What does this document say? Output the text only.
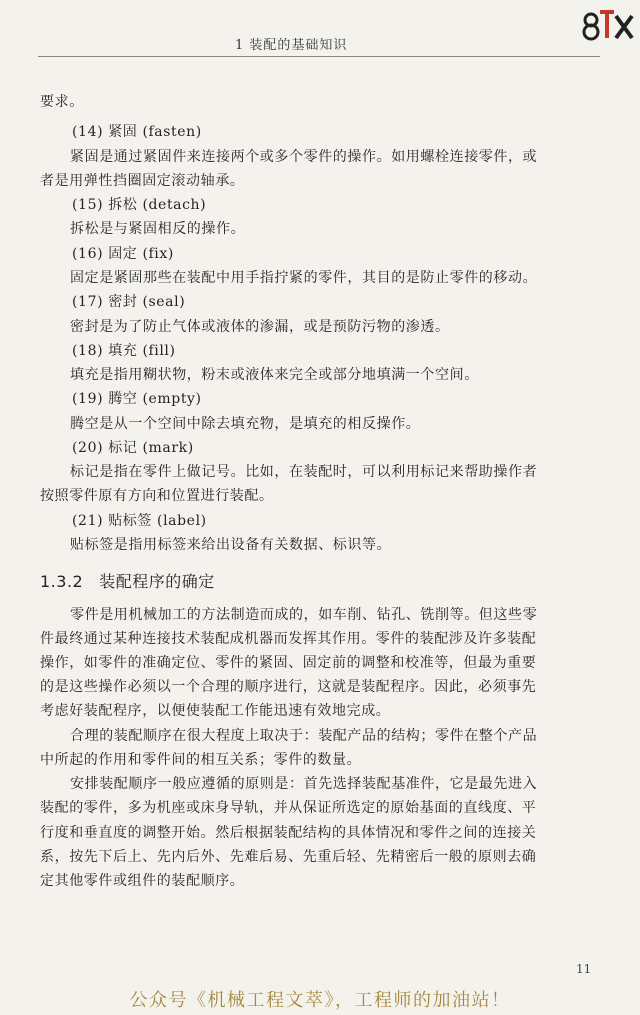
1 装配的基础知识
要求。
(14) 紧固 (fasten)
紧固是通过紧固件来连接两个或多个零件的操作。如用螺栓连接零件，或
者是用弹性挡圈固定滚动轴承。
(15) 拆松 (detach)
拆松是与紧固相反的操作。
(16) 固定 (fix)
固定是紧固那些在装配中用手指拧紧的零件，其目的是防止零件的移动。
(17) 密封 (seal)
密封是为了防止气体或液体的渗漏，或是预防污物的渗透。
(18) 填充 (fill)
填充是指用糊状物，粉末或液体来完全或部分地填满一个空间。
(19) 腾空 (empty)
腾空是从一个空间中除去填充物，是填充的相反操作。
(20) 标记 (mark)
标记是指在零件上做记号。比如，在装配时，可以利用标记来帮助操作者
按照零件原有方向和位置进行装配。
(21) 贴标签 (label)
贴标签是指用标签来给出设备有关数据、标识等。
1.3.2 装配程序的确定
零件是用机械加工的方法制造而成的，如车削、钻孔、铣削等。但这些零
件最终通过某种连接技术装配成机器而发挥其作用。零件的装配涉及许多装配
操作，如零件的准确定位、零件的紧固、固定前的调整和校准等，但最为重要
的是这些操作必须以一个合理的顺序进行，这就是装配程序。因此，必须事先
考虑好装配程序，以便使装配工作能迅速有效地完成。
合理的装配顺序在很大程度上取决于：装配产品的结构；零件在整个产品
中所起的作用和零件间的相互关系；零件的数量。
安排装配顺序一般应遵循的原则是：首先选择装配基准件，它是最先进入
装配的零件，多为机座或床身导轨，并从保证所选定的原始基面的直线度、平
行度和垂直度的调整开始。然后根据装配结构的具体情况和零件之间的连接关
系，按先下后上、先内后外、先难后易、先重后轻、先精密后一般的原则去确
定其他零件或组件的装配顺序。
11
公众号《机械工程文萃》，工程师的加油站！
